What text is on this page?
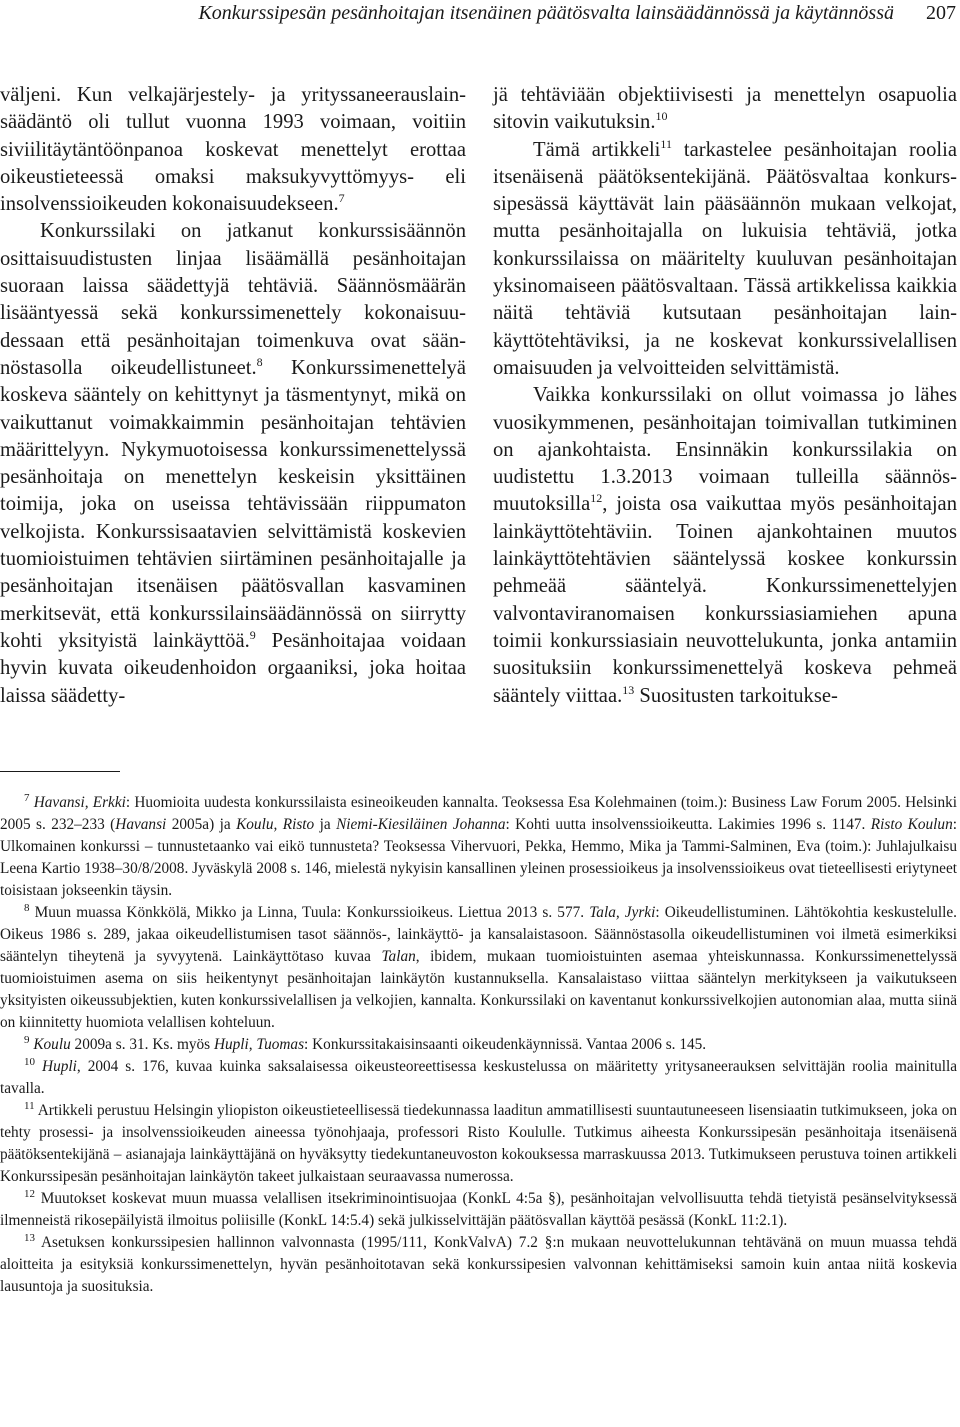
Konkurssipesän pesänhoitajan itsenäinen päätösvalta lainsäädännössä ja käytännössä 207

väljeni. Kun velkajärjestely- ja yrityssaneerauslainsäädäntö oli tullut vuonna 1993 voimaan, voitiin siviilitäytäntöönpanoa koskevat menettelyt erottaa oikeustieteessä omaksi maksukyvyttömyys- eli insolvenssioikeuden kokonaisuudekseen.$^7$

Konkurssilaki on jatkanut konkurssisäännön osittaisuudistusten linjaa lisäämällä pesänhoitajan suoraan laissa säädettyjä tehtäviä. Säännösmäärän lisääntyessä sekä konkurssimenettely kokonaisuudessaan että pesänhoitajan toimenkuva ovat säännöstasolla oikeudellistuneet.$^8$ Konkurssimenettelyä koskeva sääntely on kehittynyt ja täsmentynyt, mikä on vaikuttanut voimakkaimmin pesänhoitajan tehtävien määrittelyyn. Nykymuotoisessa konkurssimenettelyssä pesänhoitaja on menettelyn keskeisin yksittäinen toimija, joka on useissa tehtävissään riippumaton velkojista. Konkurssisaatavien selvittämistä koskevien tuomioistuimen tehtävien siirtäminen pesänhoitajalle ja pesänhoitajan itsenäisen päätösvallan kasvaminen merkitsevät, että konkurssilainsäädännössä on siirrytty kohti yksityistä lainkäyttöä.$^9$ Pesänhoitajaa voidaan hyvin kuvata oikeudenhoidon orgaaniksi, joka hoitaa laissa säädetty-

jä tehtäviään objektiivisesti ja menettelyn osapuolia sitovin vaikutuksin.$^{10}$

Tämä artikkeli$^{11}$ tarkastelee pesänhoitajan roolia itsenäisenä päätöksentekijänä. Päätösvaltaa konkurssipesässä käyttävät lain pääsäännön mukaan velkojat, mutta pesänhoitajalla on lukuisia tehtäviä, jotka konkurssilaissa on määritelty kuuluvan pesänhoitajan yksinomaiseen päätösvaltaan. Tässä artikkelissa kaikkia näitä tehtäviä kutsutaan pesänhoitajan lainkäyttötehtäviksi, ja ne koskevat konkurssivelallisen omaisuuden ja velvoitteiden selvittämistä.

Vaikka konkurssilaki on ollut voimassa jo lähes vuosikymmenen, pesänhoitajan toimivallan tutkiminen on ajankohtaista. Ensinnäkin konkurssilakia on uudistettu 1.3.2013 voimaan tulleilla säännösmuutoksilla$^{12}$, joista osa vaikuttaa myös pesänhoitajan lainkäyttötehtäviin. Toinen ajankohtainen muutos lainkäyttötehtävien sääntelyssä koskee konkurssin pehmeää sääntelyä. Konkurssimenettelyjen valvontaviranomaisen konkurssiasiamiehen apuna toimii konkurssiasiain neuvottelukunta, jonka antamiin suosituksiin konkurssimenettelyä koskeva pehmeä sääntely viittaa.$^{13}$ Suositusten tarkoitukse-

$^7$ Havansi, Erkki: Huomioita uudesta konkurssilaista esineoikeuden kannalta. Teoksessa Esa Kolehmainen (toim.): Business Law Forum 2005. Helsinki 2005 s. 232–233 (Havansi 2005a) ja Koulu, Risto ja Niemi-Kiesiläinen Johanna: Kohti uutta insolvenssioikeutta. Lakimies 1996 s. 1147. Risto Koulun: Ulkomainen konkurssi – tunnustetaanko vai eikö tunnusteta? Teoksessa Vihervuori, Pekka, Hemmo, Mika ja Tammi-Salminen, Eva (toim.): Juhlajulkaisu Leena Kartio 1938–30/8/2008. Jyväskylä 2008 s. 146, mielestä nykyisin kansallinen yleinen prosessioikeus ja insolvenssioikeus ovat tieteellisesti eriytyneet toisistaan jokseenkin täysin.

$^8$ Muun muassa Könkkölä, Mikko ja Linna, Tuula: Konkurssioikeus. Liettua 2013 s. 577. Tala, Jyrki: Oikeudellistuminen. Lähtökohtia keskustelulle. Oikeus 1986 s. 289, jakaa oikeudellistumisen tasot säännös-, lainkäyttö- ja kansalaistasoon. Säännöstasolla oikeudellistuminen voi ilmetä esimerkiksi sääntelyn tiheytenä ja syvyytenä. Lainkäyttötaso kuvaa Talan, ibidem, mukaan tuomioistuinten asemaa yhteiskunnassa. Konkurssimenettelyssä tuomioistuimen asema on siis heikentynyt pesänhoitajan lainkäytön kustannuksella. Kansalaistaso viittaa sääntelyn merkitykseen ja vaikutukseen yksityisten oikeussubjektien, kuten konkurssivelallisen ja velkojien, kannalta. Konkurssilaki on kaventanut konkurssivelkojien autonomian alaa, mutta siinä on kiinnitetty huomiota velallisen kohteluun.

$^9$ Koulu 2009a s. 31. Ks. myös Hupli, Tuomas: Konkurssitakaisinsaanti oikeudenkäynnissä. Vantaa 2006 s. 145.

$^{10}$ Hupli, 2004 s. 176, kuvaa kuinka saksalaisessa oikeusteoreettisessa keskustelussa on määritetty yritysaneerauksen selvittäjän roolia mainitulla tavalla.

$^{11}$ Artikkeli perustuu Helsingin yliopiston oikeustieteellisessä tiedekunnassa laaditun ammatillisesti suuntautuneeseen lisensiaatin tutkimukseen, joka on tehty prosessi- ja insolvenssioikeuden aineessa työnohjaaja, professori Risto Koululle. Tutkimus aiheesta Konkurssipesän pesänhoitaja itsenäisenä päätöksentekijänä – asianajaja lainkäyttäjänä on hyväksytty tiedekuntaneuvoston kokouksessa marraskuussa 2013. Tutkimukseen perustuva toinen artikkeli Konkurssipesän pesänhoitajan lainkäytön takeet julkaistaan seuraavassa numerossa.

$^{12}$ Muutokset koskevat muun muassa velallisen itsekriminointisuojaa (KonkL 4:5a §), pesänhoitajan velvollisuutta tehdä tietyistä pesänselvityksessä ilmenneistä rikosepäilyistä ilmoitus poliisille (KonkL 14:5.4) sekä julkisselvittäjän päätösvallan käyttöä pesässä (KonkL 11:2.1).

$^{13}$ Asetuksen konkurssipesien hallinnon valvonnasta (1995/111, KonkValvA) 7.2 §:n mukaan neuvottelukunnan tehtävänä on muun muassa tehdä aloitteita ja esityksiä konkurssimenettelyn, hyvän pesänhoitotavan sekä konkurssipesien valvonnan kehittämiseksi samoin kuin antaa niitä koskevia lausuntoja ja suosituksia.
